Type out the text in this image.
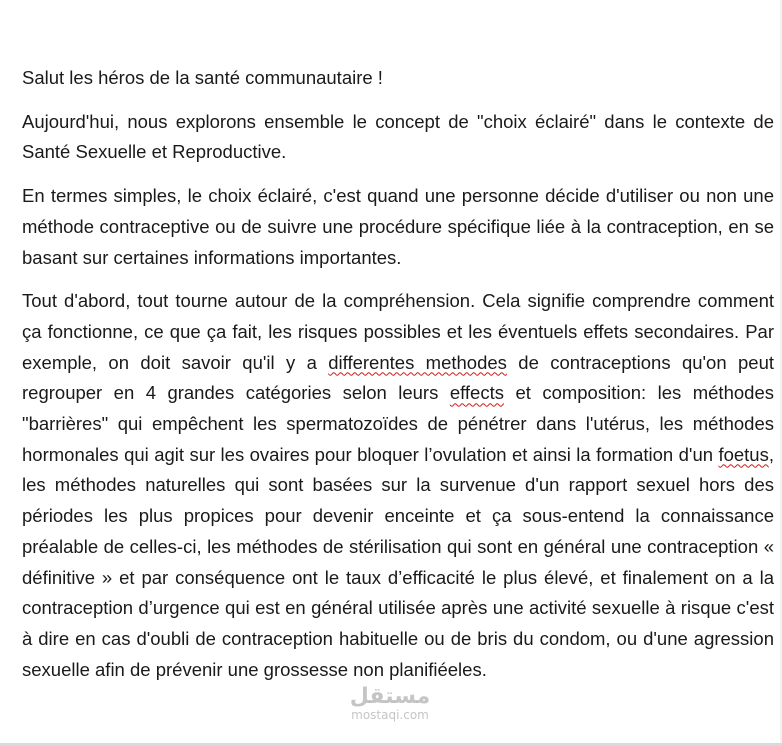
Salut les héros de la santé communautaire !

Aujourd'hui, nous explorons ensemble le concept de "choix éclairé" dans le contexte de Santé Sexuelle et Reproductive.

En termes simples, le choix éclairé, c'est quand une personne décide d'utiliser ou non une méthode contraceptive ou de suivre une procédure spécifique liée à la contraception, en se basant sur certaines informations importantes.

Tout d'abord, tout tourne autour de la compréhension. Cela signifie comprendre comment ça fonctionne, ce que ça fait, les risques possibles et les éventuels effets secondaires. Par exemple, on doit savoir qu'il y a differentes methodes de contraceptions qu'on peut regrouper en 4 grandes catégories selon leurs effects et composition: les méthodes "barrières" qui empêchent les spermatozoïdes de pénétrer dans l'utérus, les méthodes hormonales qui agit sur les ovaires pour bloquer l’ovulation et ainsi la formation d'un foetus, les méthodes naturelles qui sont basées sur la survenue d'un rapport sexuel hors des périodes les plus propices pour devenir enceinte et ça sous-entend la connaissance préalable de celles-ci, les méthodes de stérilisation qui sont en général une contraception « définitive » et par conséquence ont le taux d’efficacité le plus élevé, et finalement on a la contraception d’urgence qui est en général utilisée après une activité sexuelle à risque c'est à dire en cas d'oubli de contraception habituelle ou de bris du condom, ou d'une agression sexuelle afin de prévenir une grossesse non planifiéeles.

مستقل
mostaqi.com
